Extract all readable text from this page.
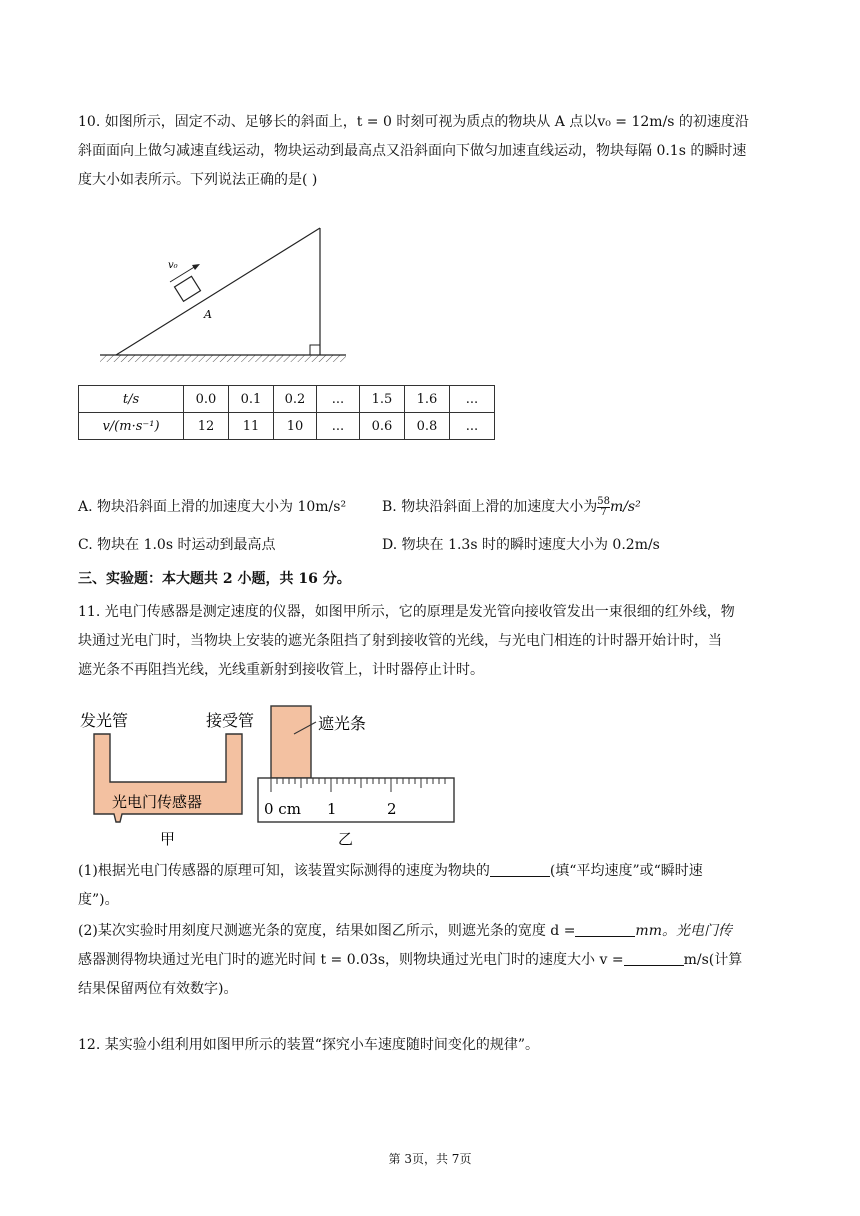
10. 如图所示，固定不动、足够长的斜面上，t = 0 时刻可视为质点的物块从 A 点以v₀ = 12m/s 的初速度沿
斜面面向上做匀减速直线运动，物块运动到最高点又沿斜面向下做匀加速直线运动，物块每隔 0.1s 的瞬时速
度大小如表所示。下列说法正确的是( )
v₀
A
t/s	0.0	0.1	0.2	...	1.5	1.6	...
v/(m·s⁻¹)	12	11	10	...	0.6	0.8	...
A. 物块沿斜面上滑的加速度大小为 10m/s²	B. 物块沿斜面上滑的加速度大小为 $\frac{58}{7} m/s^2$
C. 物块在 1.0s 时运动到最高点	D. 物块在 1.3s 时的瞬时速度大小为 0.2m/s
三、实验题：本大题共 2 小题，共 16 分。
11. 光电门传感器是测定速度的仪器，如图甲所示，它的原理是发光管向接收管发出一束很细的红外线，物
块通过光电门时，当物块上安装的遮光条阻挡了射到接收管的光线，与光电门相连的计时器开始计时，当
遮光条不再阻挡光线，光线重新射到接收管上，计时器停止计时。
发光管	接受管
光电门传感器
甲
遮光条
0 cm 1	2
乙
(1)根据光电门传感器的原理可知，该装置实际测得的速度为物块的	(填“平均速度”或“瞬时速
度”)。
(2)某次实验时用刻度尺测遮光条的宽度，结果如图乙所示，则遮光条的宽度 d =	mm。光电门传
感器测得物块通过光电门时的遮光时间 t = 0.03s，则物块通过光电门时的速度大小 v =	m/s(计算
结果保留两位有效数字)。
12. 某实验小组利用如图甲所示的装置“探究小车速度随时间变化的规律”。
第 3页，共 7页
